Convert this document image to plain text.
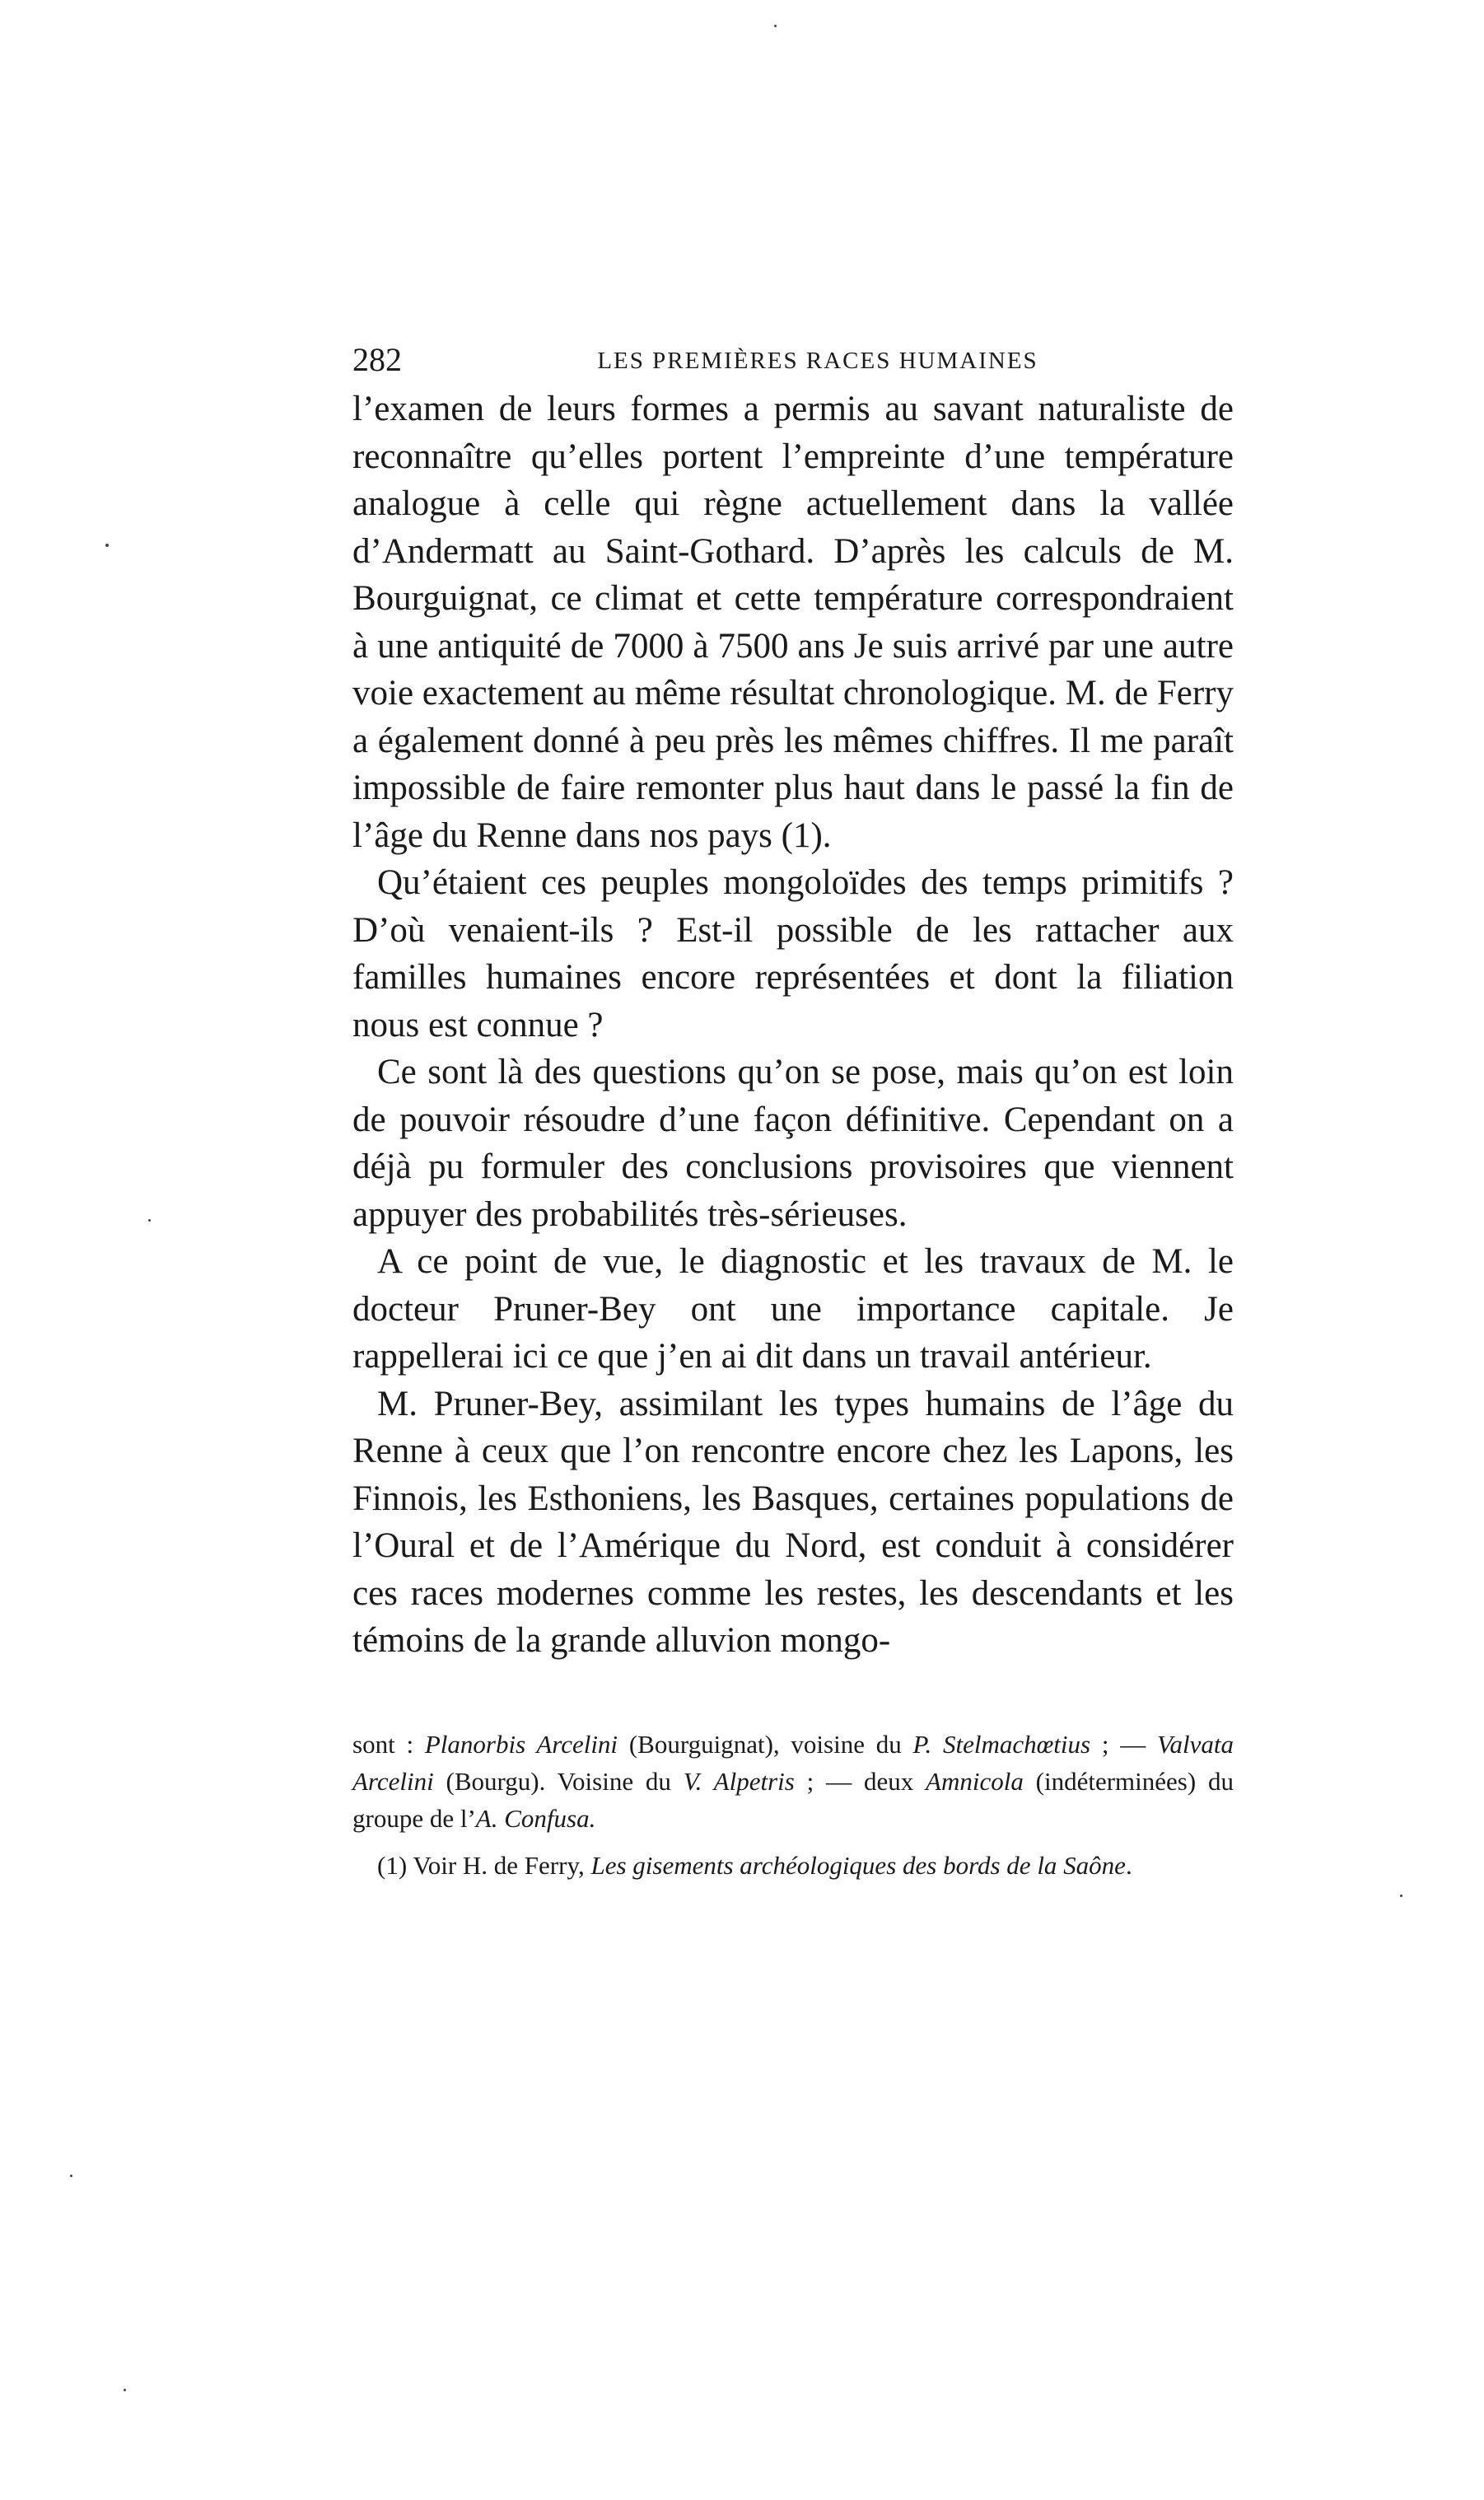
282	LES PREMIÈRES RACES HUMAINES

l’examen de leurs formes a permis au savant naturaliste de reconnaître qu’elles portent l’empreinte d’une température analogue à celle qui règne actuellement dans la vallée d’Andermatt au Saint-Gothard. D’après les calculs de M. Bourguignat, ce climat et cette température correspondraient à une antiquité de 7000 à 7500 ans Je suis arrivé par une autre voie exactement au même résultat chronologique. M. de Ferry a également donné à peu près les mêmes chiffres. Il me paraît impossible de faire remonter plus haut dans le passé la fin de l’âge du Renne dans nos pays (1).

Qu’étaient ces peuples mongoloïdes des temps primitifs ? D’où venaient-ils ? Est-il possible de les rattacher aux familles humaines encore représentées et dont la filiation nous est connue ?

Ce sont là des questions qu’on se pose, mais qu’on est loin de pouvoir résoudre d’une façon définitive. Cependant on a déjà pu formuler des conclusions provisoires que viennent appuyer des probabilités très-sérieuses.

A ce point de vue, le diagnostic et les travaux de M. le docteur Pruner-Bey ont une importance capitale. Je rappellerai ici ce que j’en ai dit dans un travail antérieur.

M. Pruner-Bey, assimilant les types humains de l’âge du Renne à ceux que l’on rencontre encore chez les Lapons, les Finnois, les Esthoniens, les Basques, certaines populations de l’Oural et de l’Amérique du Nord, est conduit à considérer ces races modernes comme les restes, les descendants et les témoins de la grande alluvion mongo-

sont : Planorbis Arcelini (Bourguignat), voisine du P. Stelmachœtius ; — Valvata Arcelini (Bourgu). Voisine du V. Alpetris ; — deux Amnicola (indéterminées) du groupe de l’A. Confusa.

(1) Voir H. de Ferry, Les gisements archéologiques des bords de la Saône.
